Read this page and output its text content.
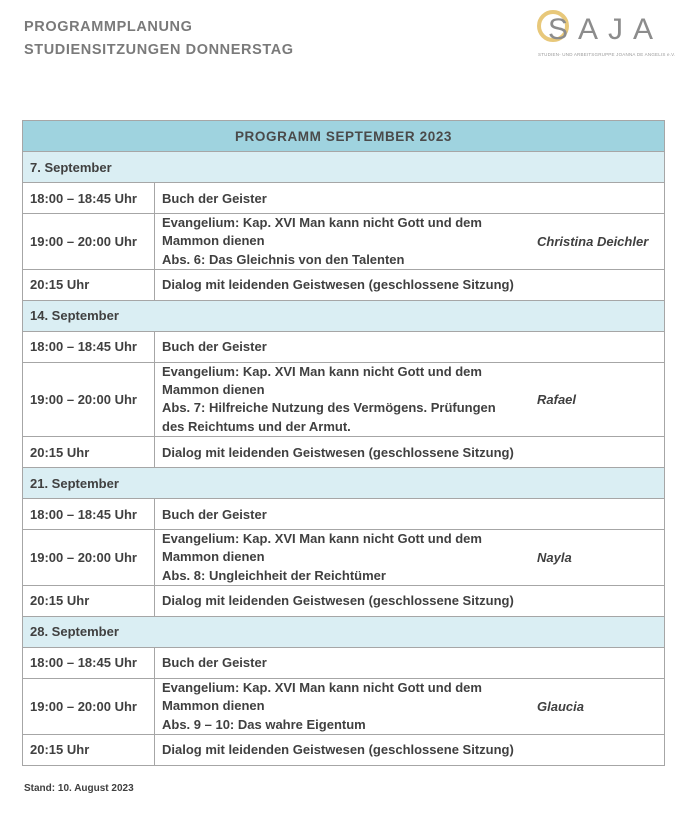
PROGRAMMPLANUNG
STUDIENSITZUNGEN DONNERSTAG
SAJA
STUDIEN- UND ARBEITSGRUPPE JOANNA DE ANGELIS e.V.
PROGRAMM SEPTEMBER 2023		
7. September		
18:00 – 18:45 Uhr	Buch der Geister	
19:00 – 20:00 Uhr	Evangelium: Kap. XVI Man kann nicht Gott und dem
Mammon dienen
Abs. 6: Das Gleichnis von den Talenten	Christina Deichler
20:15 Uhr	Dialog mit leidenden Geistwesen (geschlossene Sitzung)	
14. September		
18:00 – 18:45 Uhr	Buch der Geister	
19:00 – 20:00 Uhr	Evangelium: Kap. XVI Man kann nicht Gott und dem
Mammon dienen
Abs. 7: Hilfreiche Nutzung des Vermögens. Prüfungen
des Reichtums und der Armut.	Rafael
20:15 Uhr	Dialog mit leidenden Geistwesen (geschlossene Sitzung)	
21. September		
18:00 – 18:45 Uhr	Buch der Geister	
19:00 – 20:00 Uhr	Evangelium: Kap. XVI Man kann nicht Gott und dem
Mammon dienen
Abs. 8: Ungleichheit der Reichtümer	Nayla
20:15 Uhr	Dialog mit leidenden Geistwesen (geschlossene Sitzung)	
28. September		
18:00 – 18:45 Uhr	Buch der Geister	
19:00 – 20:00 Uhr	Evangelium: Kap. XVI Man kann nicht Gott und dem
Mammon dienen
Abs. 9 – 10: Das wahre Eigentum	Glaucia
20:15 Uhr	Dialog mit leidenden Geistwesen (geschlossene Sitzung)	
Stand: 10. August 2023
